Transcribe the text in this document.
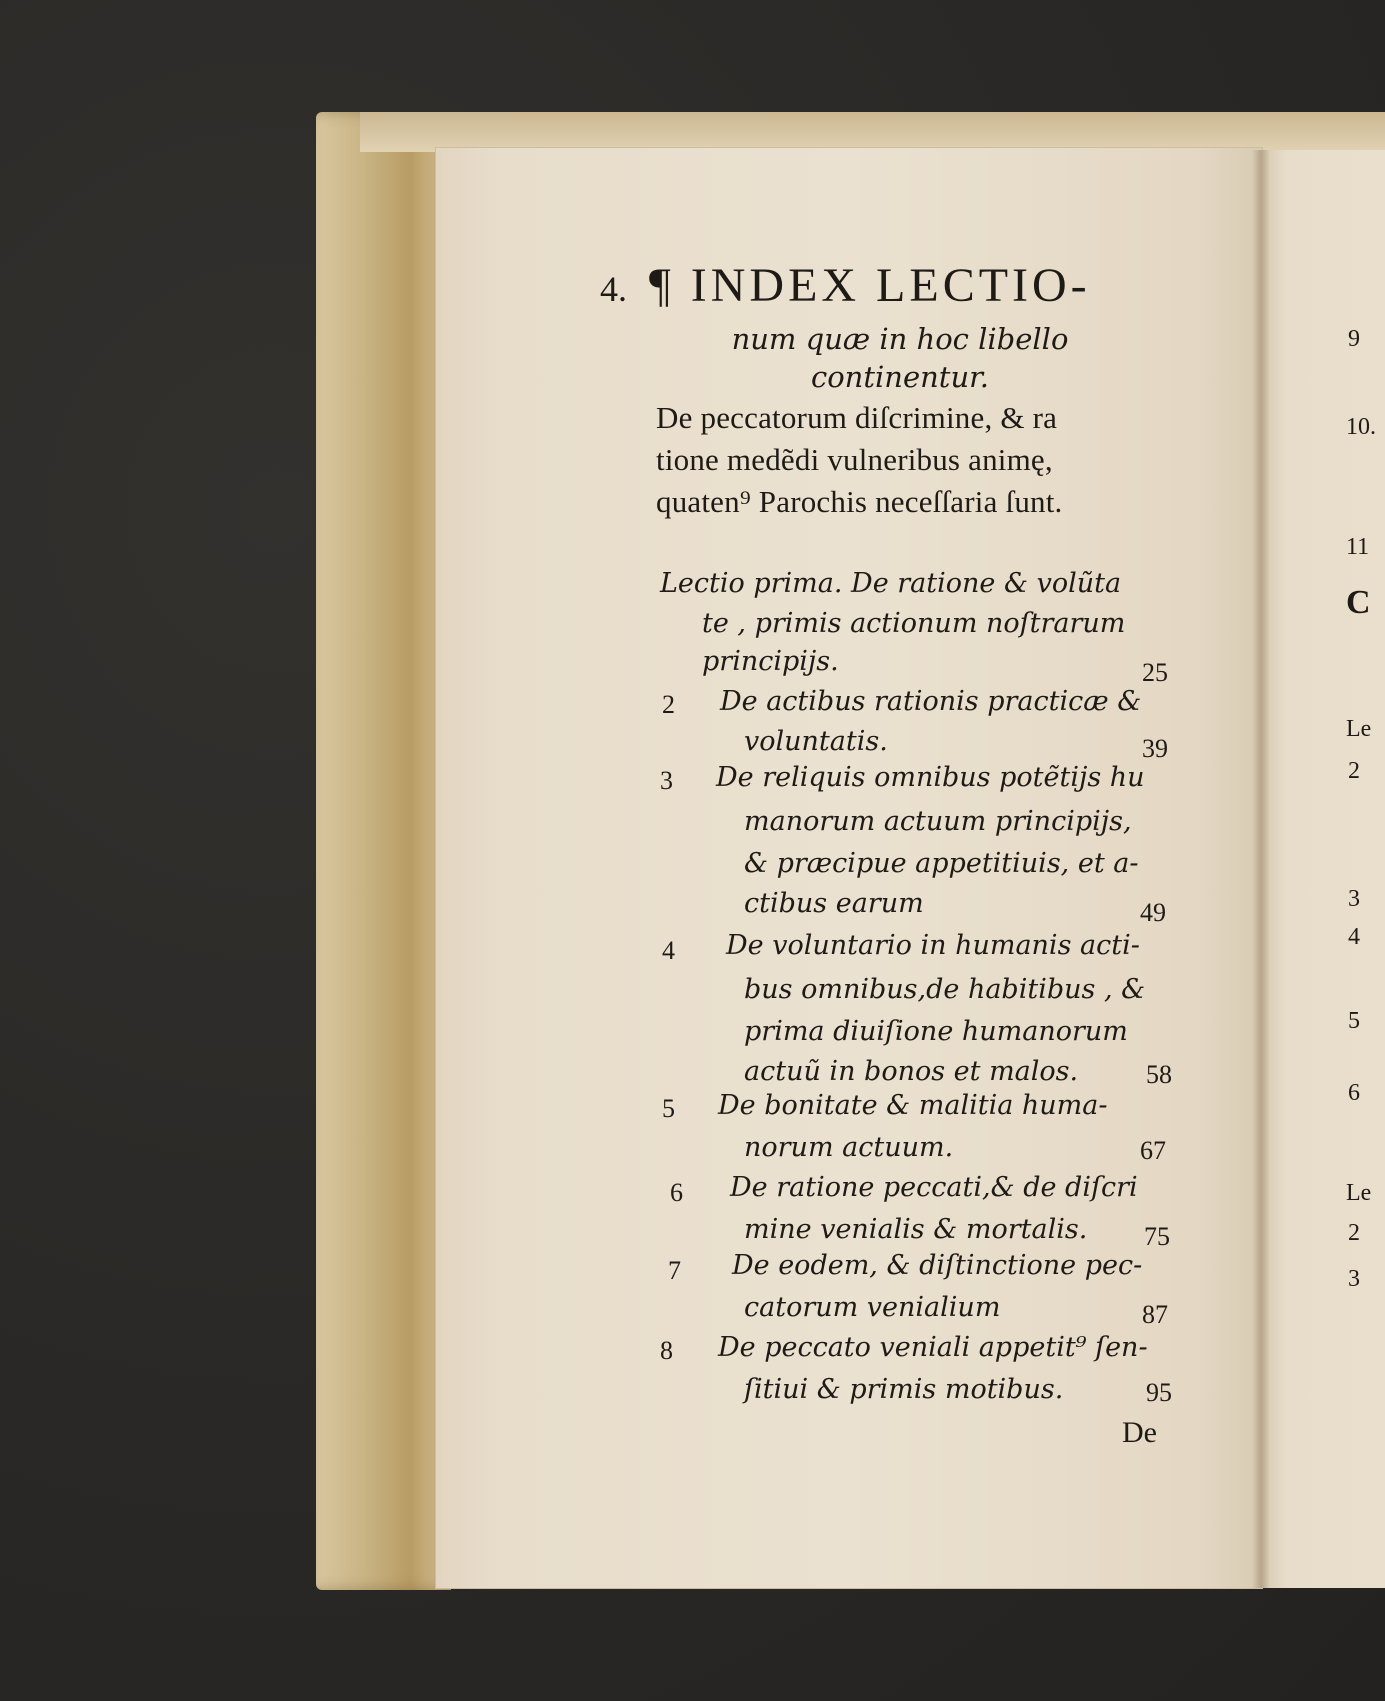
4. ¶ INDEX LECTIO-
num quæ in hoc libello
continentur.
De peccatorum diſcrimine, & ra
tione medẽdi vulneribus animę,
quaten⁹ Parochis neceſſaria ſunt.
Lectio prima. De ratione & volũta
te , primis actionum noſtrarum
principijs.	25
2 De actibus rationis practicæ &
voluntatis.	39
3 De reliquis omnibus potẽtijs hu
manorum actuum principijs,
& præcipue appetitiuis, et a-
ctibus earum	49
4 De voluntario in humanis acti-
bus omnibus,de habitibus , &
prima diuiſione humanorum
actuũ in bonos et malos.	58
5 De bonitate & malitia huma-
norum actuum.	67
6 De ratione peccati,& de diſcri
mine venialis & mortalis. 75
7 De eodem, & diſtinctione pec-
catorum venialium	87
8 De peccato veniali appetit⁹ ſen-
ſitiui & primis motibus.	95
De
9
10.
11
C
Le
2
3
4
5
6
Le
2
3
